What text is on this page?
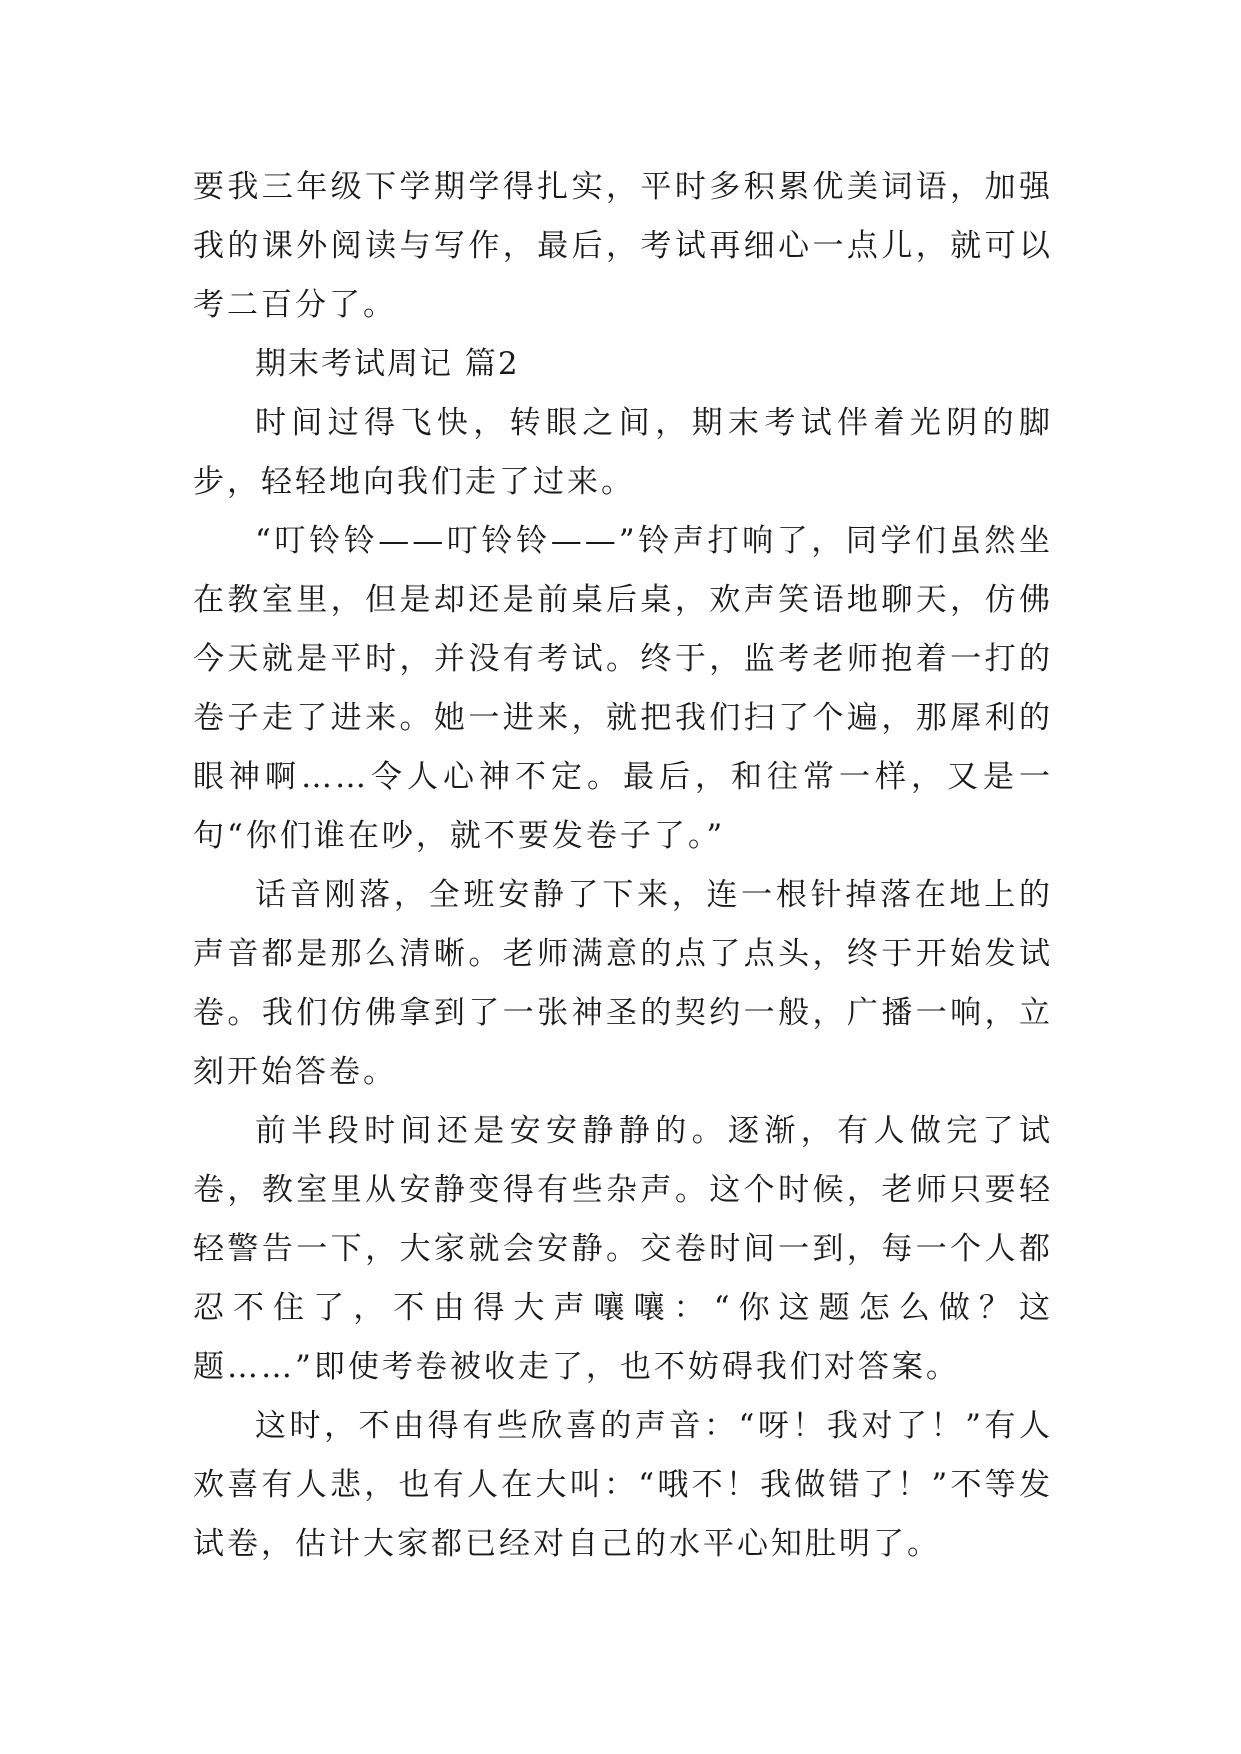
要我三年级下学期学得扎实，平时多积累优美词语，加强我的课外阅读与写作，最后，考试再细心一点儿，就可以考二百分了。

期末考试周记 篇2

时间过得飞快，转眼之间，期末考试伴着光阴的脚步，轻轻地向我们走了过来。

“叮铃铃——叮铃铃——”铃声打响了，同学们虽然坐在教室里，但是却还是前桌后桌，欢声笑语地聊天，仿佛今天就是平时，并没有考试。终于，监考老师抱着一打的卷子走了进来。她一进来，就把我们扫了个遍，那犀利的眼神啊……令人心神不定。最后，和往常一样，又是一句“你们谁在吵，就不要发卷子了。”

话音刚落，全班安静了下来，连一根针掉落在地上的声音都是那么清晰。老师满意的点了点头，终于开始发试卷。我们仿佛拿到了一张神圣的契约一般，广播一响，立刻开始答卷。

前半段时间还是安安静静的。逐渐，有人做完了试卷，教室里从安静变得有些杂声。这个时候，老师只要轻轻警告一下，大家就会安静。交卷时间一到，每一个人都忍不住了，不由得大声嚷嚷：“你这题怎么做？这题……”即使考卷被收走了，也不妨碍我们对答案。

这时，不由得有些欣喜的声音：“呀！我对了！”有人欢喜有人悲，也有人在大叫：“哦不！我做错了！”不等发试卷，估计大家都已经对自己的水平心知肚明了。
